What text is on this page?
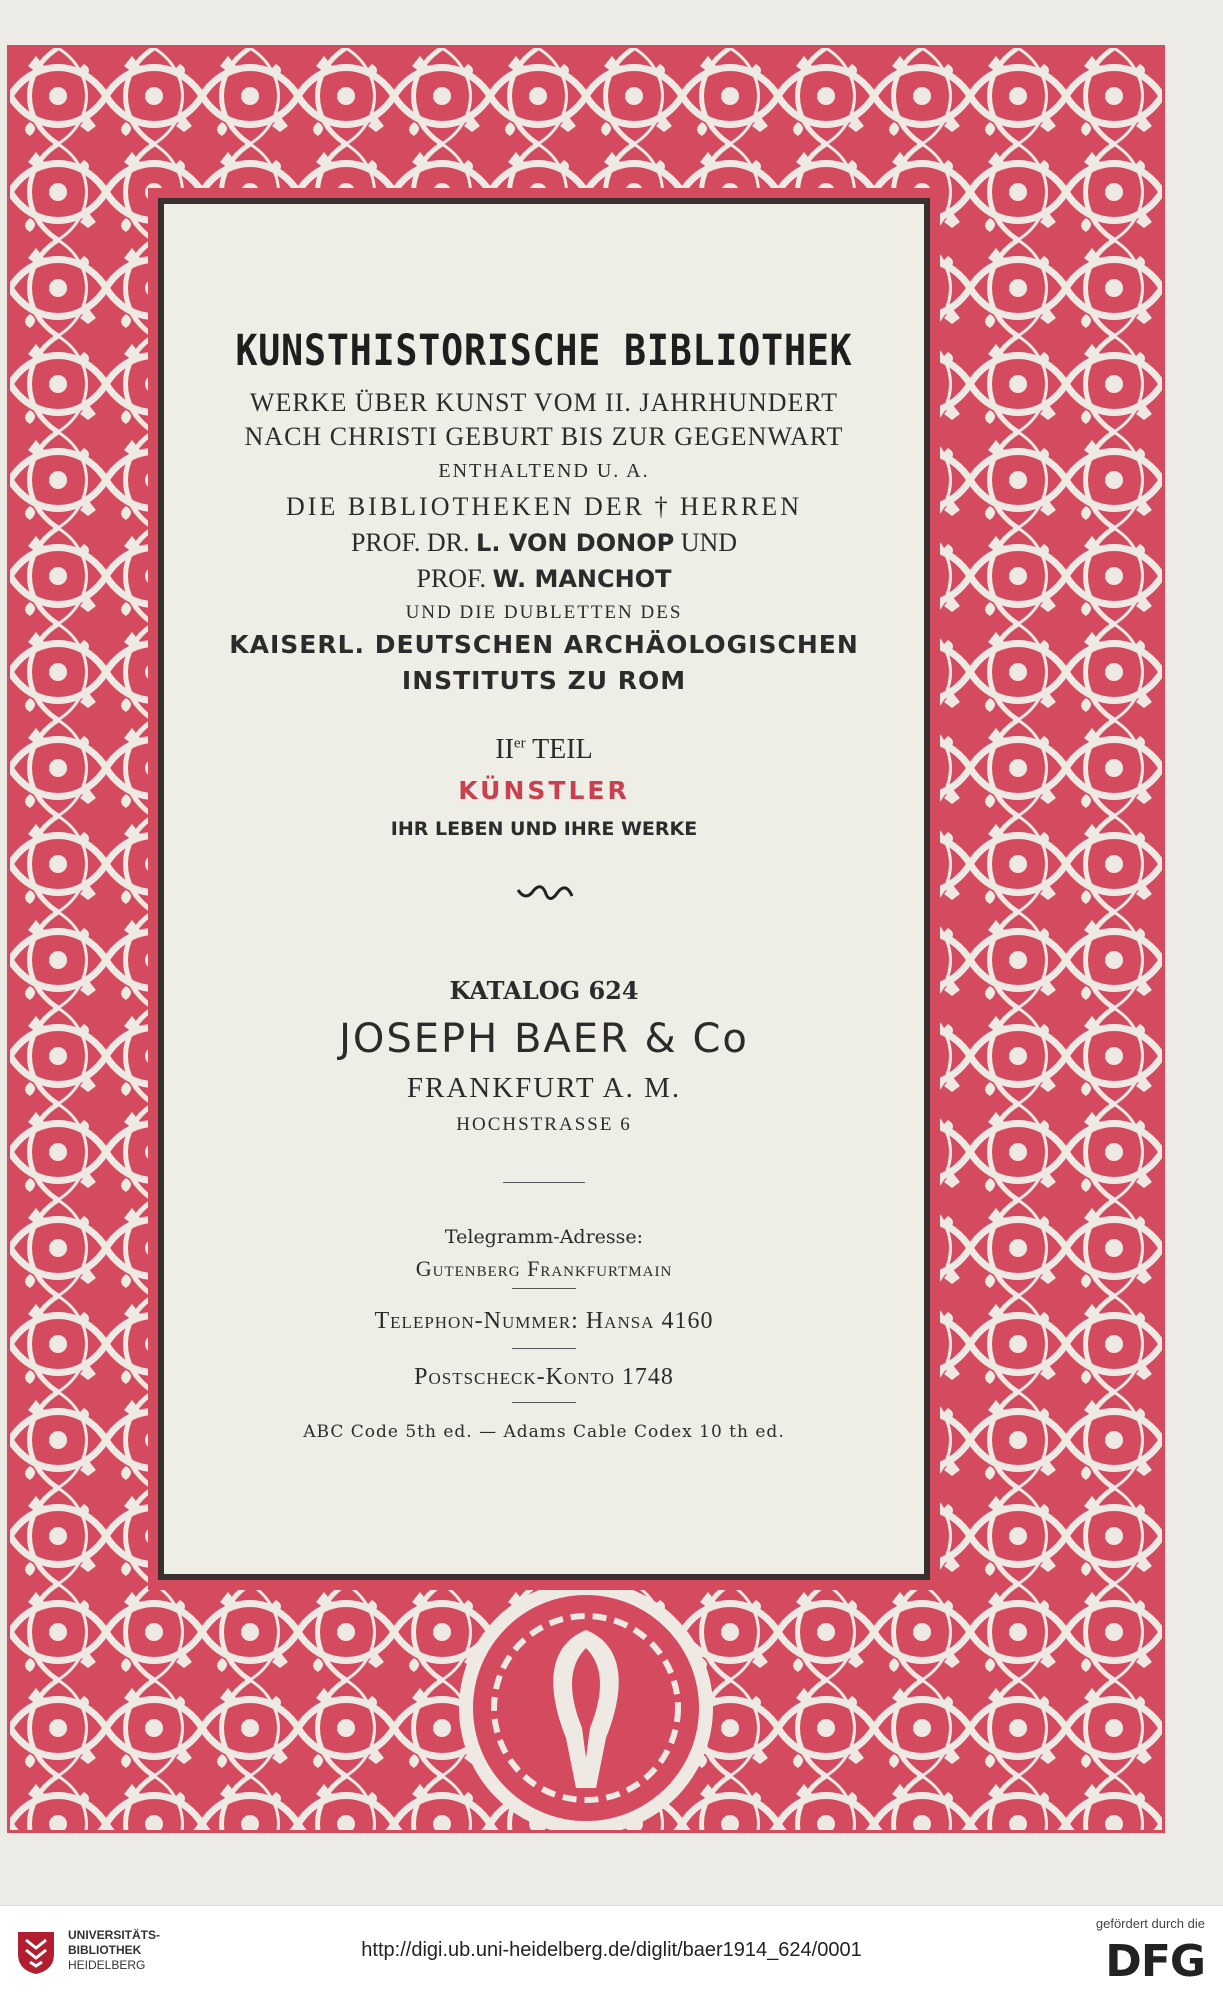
KUNSTHISTORISCHE BIBLIOTHEK
WERKE ÜBER KUNST VOM II. JAHRHUNDERT
NACH CHRISTI GEBURT BIS ZUR GEGENWART
ENTHALTEND U. A.
DIE BIBLIOTHEKEN DER † HERREN
PROF. DR. L. VON DONOP UND
PROF. W. MANCHOT
UND DIE DUBLETTEN DES
KAISERL. DEUTSCHEN ARCHÄOLOGISCHEN
INSTITUTS ZU ROM
IIer TEIL
KÜNSTLER
IHR LEBEN UND IHRE WERKE
KATALOG 624
JOSEPH BAER & Co
FRANKFURT A. M.
HOCHSTRASSE 6
Telegramm-Adresse:
Gutenberg Frankfurtmain
Telephon-Nummer: Hansa 4160
Postscheck-Konto 1748
ABC Code 5th ed. — Adams Cable Codex 10 th ed.
UNIVERSITÄTS-
BIBLIOTHEK
HEIDELBERG
http://digi.ub.uni-heidelberg.de/diglit/baer1914_624/0001
gefördert durch die
DFG
